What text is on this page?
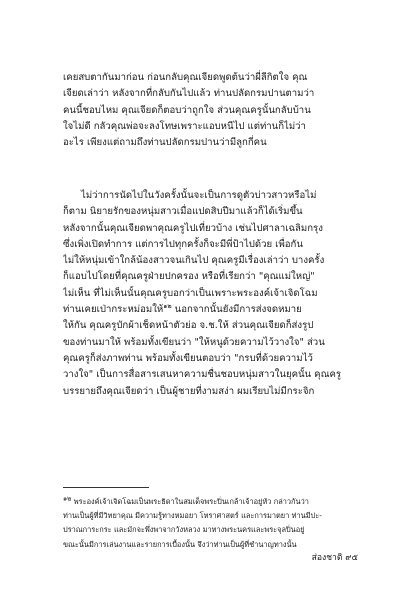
เคยสบตากันมาก่อน ก่อนกลับคุณเจียดพูดต้นว่าผี่ลีกิตใจ คุณ
เจียดเล่าว่า หลังจากที่กลับกันไปแล้ว ท่านปลัดกรมปานตามว่า
คนนี้ชอบไหม คุณเจียดก็ตอบว่าถูกใจ ส่วนคุณครูนั้นกลับบ้าน
ใจไม่ดี กลัวคุณพ่อจะลงโทษเพราะแอบหนีไป แต่ท่านก็ไม่ว่า
อะไร เพียงแต่ถามถึงท่านปลัดกรมปานว่ามีลูกกี่คน
ไม่ว่าการนัดไปในวังครั้งนั้นจะเป็นการดูตัวบ่าวสาวหรือไม่
ก็ตาม นิยายรักของหนุ่มสาวเมื่อแปดสิบปีมาแล้วก็ได้เริ่มขึ้น
หลังจากนั้นคุณเจียดพาคุณครูไปเที่ยวบ้าง เช่นไปศาลาเฉลิมกรุง
ซึ่งเพิ่งเปิดทำการ แต่การไปทุกครั้งก็จะมีพี่ป้าไปด้วย เพื่อกัน
ไม่ให้หนุ่มเข้าใกล้น้องสาวจนเกินไป คุณครูมีเรื่องเล่าว่า บางครั้ง
ก็แอบไปโดยที่คุณครูฝ่ายปกครอง หรือที่เรียกว่า "คุณแม่ใหญ่"
ไม่เห็น ที่ไม่เห็นนั้นคุณครูบอกว่าเป็นเพราะพระองค์เจ้าเจิดโฉม
ท่านเคยเป่ากระหม่อมให้$^{๑๒}$ นอกจากนั้นยังมีการส่งจดหมาย
ให้กัน คุณครูบักผ้าเช็ดหน้าตัวย่อ จ.ช.ให้ ส่วนคุณเจียดก็ส่งรูป
ของท่านมาให้ พร้อมทั้งเขียนว่า "ให้หนูด้วยความไว้วางใจ" ส่วน
คุณครูก็ส่งภาพท่าน พร้อมทั้งเขียนตอบว่า "กรบที่ด้วยความไว้
วางใจ" เป็นการสื่อสารเสนหาความชื่นชอบหนุ่มสาวในยุคนั้น คุณครู
บรรยายถึงคุณเจียดว่า เป็นผู้ชายที่งามสง่า ผมเรียบไม่มีกระจิก
๑๒ พระองค์เจ้าเจิดโฉมเป็นพระธิดาในสมเด็จพระปิ่นเกล้าเจ้าอยู่หัว กล่าวกันว่า
ท่านเป็นผู้ที่มีวิทยาคุณ มีความรู้ทางหมอยา โหราศาสตร์ และการมาตยา ท่านมีปะ-
ปราณการะกระ และมักจะพึ่งพาจากวังหลวง มาทางพระนครและพระจุลปิ่นอยู่
ขณะนั้นมีการเล่นงานและรายการเบื้องนั้น จึงว่าท่านเป็นผู้ที่ชำนาญทางนั้น
ส่องชาติ ๙๕
